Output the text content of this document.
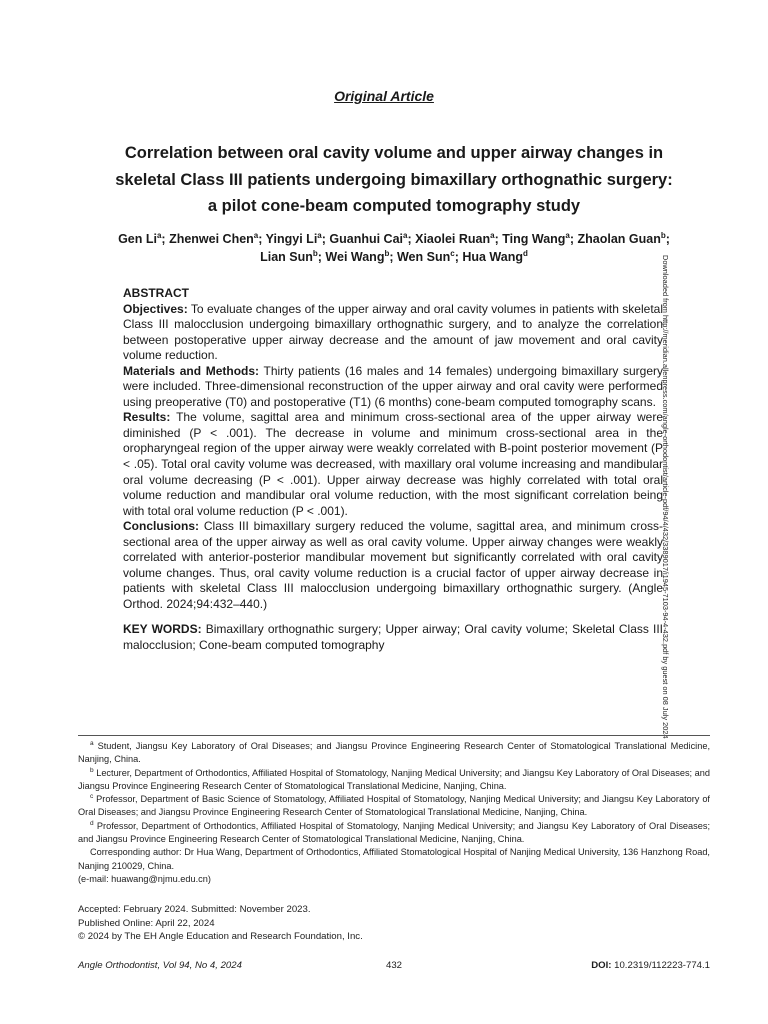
Original Article
Correlation between oral cavity volume and upper airway changes in
skeletal Class III patients undergoing bimaxillary orthognathic surgery:
a pilot cone-beam computed tomography study
Gen Li$^a$; Zhenwei Chen$^a$; Yingyi Li$^a$; Guanhui Cai$^a$; Xiaolei Ruan$^a$; Ting Wang$^a$; Zhaolan Guan$^b$;
Lian Sun$^b$; Wei Wang$^b$; Wen Sun$^c$; Hua Wang$^d$
Downloaded from http://meridian.allenpress.com/angle-orthodontist/article-pdf/94/4/432/3389017/i1945-7103-94-4-432.pdf by guest on 08 July 2024

ABSTRACT

Objectives: To evaluate changes of the upper airway and oral cavity volumes in patients with skeletal Class III malocclusion undergoing bimaxillary orthognathic surgery, and to analyze the correlation between postoperative upper airway decrease and the amount of jaw movement and oral cavity volume reduction.

Materials and Methods: Thirty patients (16 males and 14 females) undergoing bimaxillary surgery were included. Three-dimensional reconstruction of the upper airway and oral cavity were performed using preoperative (T0) and postoperative (T1) (6 months) cone-beam computed tomography scans.

Results: The volume, sagittal area and minimum cross-sectional area of the upper airway were diminished (P < .001). The decrease in volume and minimum cross-sectional area in the oropharyngeal region of the upper airway were weakly correlated with B-point posterior movement (P < .05). Total oral cavity volume was decreased, with maxillary oral volume increasing and mandibular oral volume decreasing (P < .001). Upper airway decrease was highly correlated with total oral volume reduction and mandibular oral volume reduction, with the most significant correlation being with total oral volume reduction (P < .001).

Conclusions: Class III bimaxillary surgery reduced the volume, sagittal area, and minimum cross-sectional area of the upper airway as well as oral cavity volume. Upper airway changes were weakly correlated with anterior-posterior mandibular movement but significantly correlated with oral cavity volume changes. Thus, oral cavity volume reduction is a crucial factor of upper airway decrease in patients with skeletal Class III malocclusion undergoing bimaxillary orthognathic surgery. (Angle Orthod. 2024;94:432–440.)

KEY WORDS: Bimaxillary orthognathic surgery; Upper airway; Oral cavity volume; Skeletal Class III malocclusion; Cone-beam computed tomography

$^a$ Student, Jiangsu Key Laboratory of Oral Diseases; and Jiangsu Province Engineering Research Center of Stomatological Translational Medicine, Nanjing, China.

$^b$ Lecturer, Department of Orthodontics, Affiliated Hospital of Stomatology, Nanjing Medical University; and Jiangsu Key Laboratory of Oral Diseases; and Jiangsu Province Engineering Research Center of Stomatological Translational Medicine, Nanjing, China.

$^c$ Professor, Department of Basic Science of Stomatology, Affiliated Hospital of Stomatology, Nanjing Medical University; and Jiangsu Key Laboratory of Oral Diseases; and Jiangsu Province Engineering Research Center of Stomatological Translational Medicine, Nanjing, China.

$^d$ Professor, Department of Orthodontics, Affiliated Hospital of Stomatology, Nanjing Medical University; and Jiangsu Key Laboratory of Oral Diseases; and Jiangsu Province Engineering Research Center of Stomatological Translational Medicine, Nanjing, China.

Corresponding author: Dr Hua Wang, Department of Orthodontics, Affiliated Stomatological Hospital of Nanjing Medical University, 136 Hanzhong Road, Nanjing 210029, China.

(e-mail: huawang@njmu.edu.cn)

Accepted: February 2024. Submitted: November 2023.

Published Online: April 22, 2024

© 2024 by The EH Angle Education and Research Foundation, Inc.

Angle Orthodontist, Vol 94, No 4, 2024	432	DOI: 10.2319/112223-774.1
